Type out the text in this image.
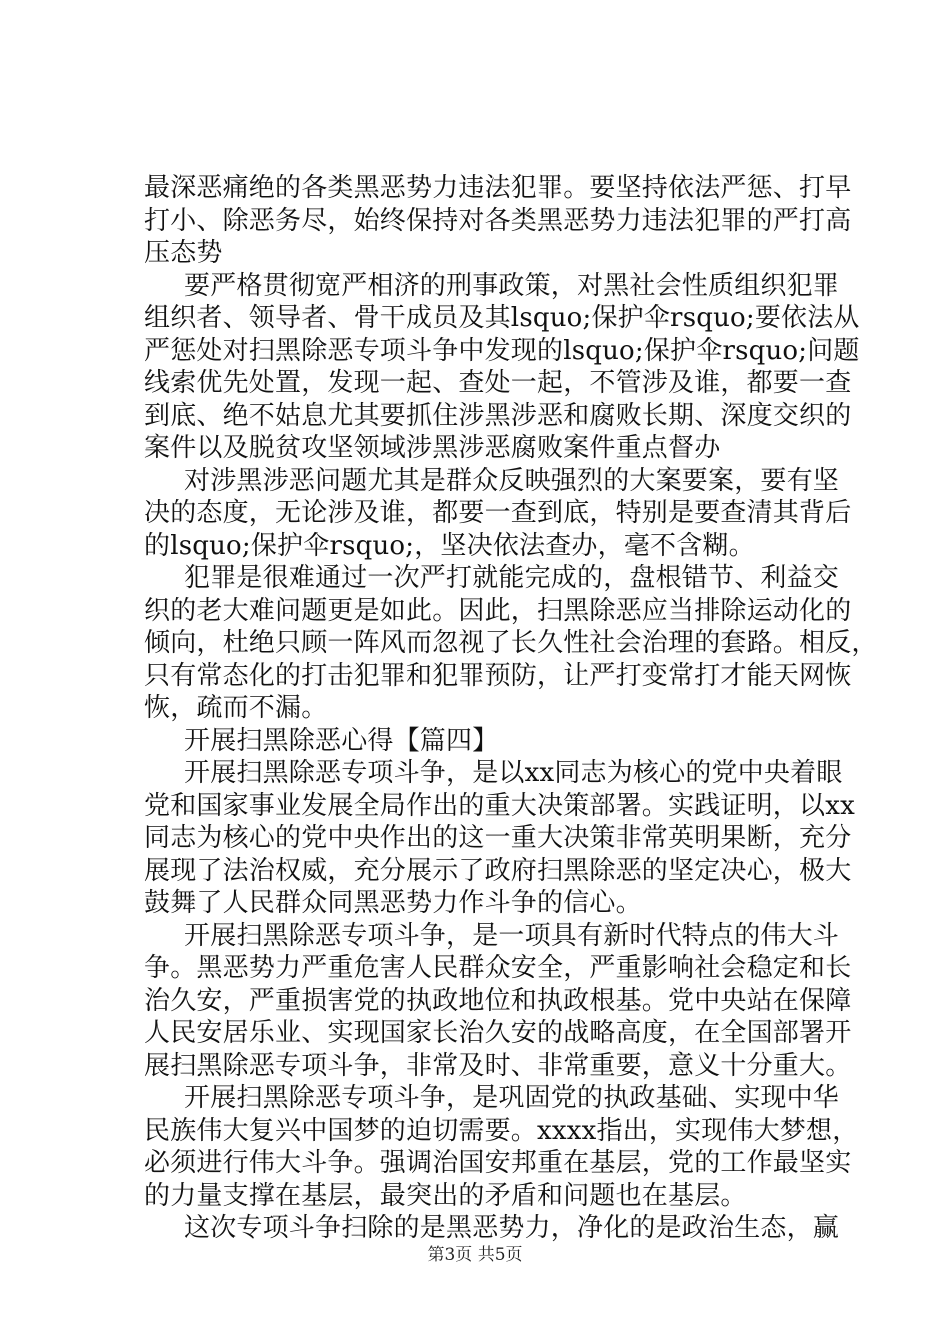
最深恶痛绝的各类黑恶势力违法犯罪。要坚持依法严惩、打早
打小、除恶务尽，始终保持对各类黑恶势力违法犯罪的严打高
压态势
要严格贯彻宽严相济的刑事政策，对黑社会性质组织犯罪
组织者、领导者、骨干成员及其lsquo;保护伞rsquo;要依法从
严惩处对扫黑除恶专项斗争中发现的lsquo;保护伞rsquo;问题
线索优先处置，发现一起、查处一起，不管涉及谁，都要一查
到底、绝不姑息尤其要抓住涉黑涉恶和腐败长期、深度交织的
案件以及脱贫攻坚领域涉黑涉恶腐败案件重点督办
对涉黑涉恶问题尤其是群众反映强烈的大案要案，要有坚
决的态度，无论涉及谁，都要一查到底，特别是要查清其背后
的lsquo;保护伞rsquo;，坚决依法查办，毫不含糊。
犯罪是很难通过一次严打就能完成的，盘根错节、利益交
织的老大难问题更是如此。因此，扫黑除恶应当排除运动化的
倾向，杜绝只顾一阵风而忽视了长久性社会治理的套路。相反，
只有常态化的打击犯罪和犯罪预防，让严打变常打才能天网恢
恢，疏而不漏。
开展扫黑除恶心得【篇四】
开展扫黑除恶专项斗争，是以xx同志为核心的党中央着眼
党和国家事业发展全局作出的重大决策部署。实践证明，以xx
同志为核心的党中央作出的这一重大决策非常英明果断，充分
展现了法治权威，充分展示了政府扫黑除恶的坚定决心，极大
鼓舞了人民群众同黑恶势力作斗争的信心。
开展扫黑除恶专项斗争，是一项具有新时代特点的伟大斗
争。黑恶势力严重危害人民群众安全，严重影响社会稳定和长
治久安，严重损害党的执政地位和执政根基。党中央站在保障
人民安居乐业、实现国家长治久安的战略高度，在全国部署开
展扫黑除恶专项斗争，非常及时、非常重要，意义十分重大。
开展扫黑除恶专项斗争，是巩固党的执政基础、实现中华
民族伟大复兴中国梦的迫切需要。xxxx指出，实现伟大梦想，
必须进行伟大斗争。强调治国安邦重在基层，党的工作最坚实
的力量支撑在基层，最突出的矛盾和问题也在基层。
这次专项斗争扫除的是黑恶势力，净化的是政治生态，赢
第3页 共5页
